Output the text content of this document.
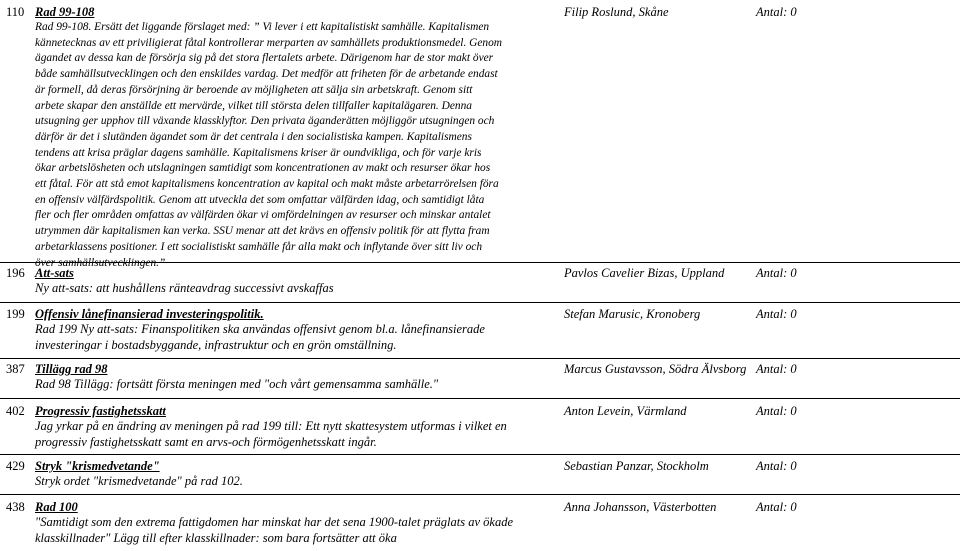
110 Rad 99-108	Filip Roslund, Skåne	Antal: 0
Rad 99-108. Ersätt det liggande förslaget med: ” Vi lever i ett kapitalistiskt samhälle. Kapitalismen
kännetecknas av ett priviligierat fåtal kontrollerar merparten av samhällets produktionsmedel. Genom
ägandet av dessa kan de försörja sig på det stora flertalets arbete. Därigenom har de stor makt över
både samhällsutvecklingen och den enskildes vardag. Det medför att friheten för de arbetande endast
är formell, då deras försörjning är beroende av möjligheten att sälja sin arbetskraft. Genom sitt
arbete skapar den anställde ett mervärde, vilket till största delen tillfaller kapitalägaren. Denna
utsugning ger upphov till växande klassklyftor. Den privata äganderätten möjliggör utsugningen och
därför är det i slutänden ägandet som är det centrala i den socialistiska kampen. Kapitalismens
tendens att krisa präglar dagens samhälle. Kapitalismens kriser är oundvikliga, och för varje kris
ökar arbetslösheten och utslagningen samtidigt som koncentrationen av makt och resurser ökar hos
ett fåtal. För att stå emot kapitalismens koncentration av kapital och makt måste arbetarrörelsen föra
en offensiv välfärdspolitik. Genom att utveckla det som omfattar välfärden idag, och samtidigt låta
fler och fler områden omfattas av välfärden ökar vi omfördelningen av resurser och minskar antalet
utrymmen där kapitalismen kan verka. SSU menar att det krävs en offensiv politik för att flytta fram
arbetarklassens positioner. I ett socialistiskt samhälle får alla makt och inflytande över sitt liv och
över samhällsutvecklingen.”
196 Att-sats	Pavlos Cavelier Bizas, Uppland	Antal: 0
Ny att-sats: att hushållens ränteavdrag successivt avskaffas
199 Offensiv lånefinansierad investeringspolitik.	Stefan Marusic, Kronoberg	Antal: 0
Rad 199 Ny att-sats: Finanspolitiken ska användas offensivt genom bl.a. lånefinansierade
investeringar i bostadsbyggande, infrastruktur och en grön omställning.
387 Tillägg rad 98	Marcus Gustavsson, Södra Älvsborg Antal: 0
Rad 98 Tillägg: fortsätt första meningen med "och vårt gemensamma samhälle."
402 Progressiv fastighetsskatt	Anton Levein, Värmland	Antal: 0
Jag yrkar på en ändring av meningen på rad 199 till: Ett nytt skattesystem utformas i vilket en
progressiv fastighetsskatt samt en arvs-och förmögenhetsskatt ingår.
429 Stryk "krismedvetande"	Sebastian Panzar, Stockholm	Antal: 0
Stryk ordet "krismedvetande" på rad 102.
438 Rad 100	Anna Johansson, Västerbotten	Antal: 0
"Samtidigt som den extrema fattigdomen har minskat har det sena 1900-talet präglats av ökade
klasskillnader" Lägg till efter klasskillnader: som bara fortsätter att öka
